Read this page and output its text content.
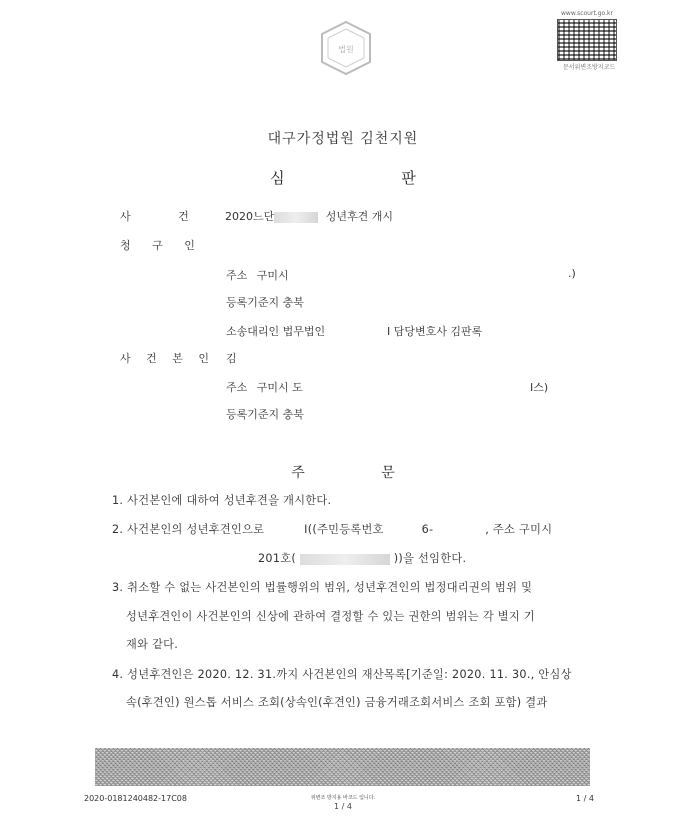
법원
www.scourt.go.kr
문서위변조방지코드
대구가정법원 김천지원
심 판
사 건 2020느단	성년후견 개시
청 구 인
주소 구미시	.)
등록기준지 충북
소송대리인 법무법인	I 담당변호사 김판록
사 건 본 인 김
주소 구미시 도	I스)
등록기준지 충북
주 문
1. 사건본인에 대하여 성년후견을 개시한다.
2. 사건본인의 성년후견인으로	I((주민등록번호	6-	, 주소 구미시
201호(	))을 선임한다.
3. 취소할 수 없는 사건본인의 법률행위의 범위, 성년후견인의 법정대리권의 범위 및
성년후견인이 사건본인의 신상에 관하여 결정할 수 있는 권한의 범위는 각 별지 기
재와 같다.
4. 성년후견인은 2020. 12. 31.까지 사건본인의 재산목록[기준일: 2020. 11. 30., 안심상
속(후견인) 원스톱 서비스 조회(상속인(후견인) 금융거래조회서비스 조회 포함) 결과
2020-0181240482-17C08	위변조 방지용 바코드 입니다.
1 / 4
1 / 4
